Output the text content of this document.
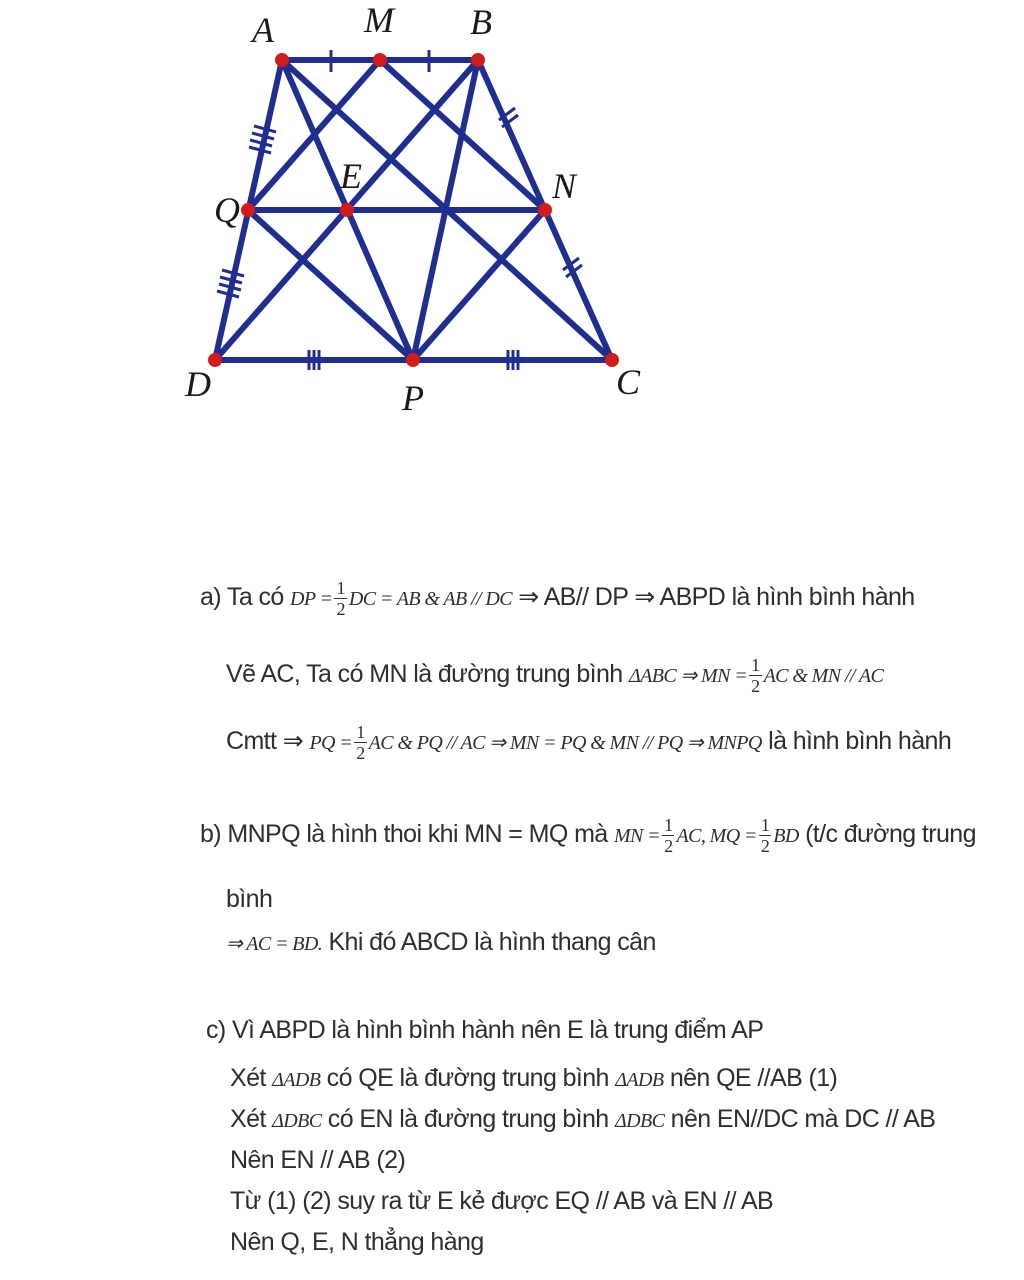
A	M B
Q
E	N
D	P	C
a) Ta có DP = $\frac{1}{2}$ DC = AB & AB // DC ⇒ AB// DP ⇒ ABPD là hình bình hành
Vẽ AC, Ta có MN là đường trung bình ΔABC ⇒ MN = $\frac{1}{2}$ AC & MN // AC
Cmtt ⇒ PQ = $\frac{1}{2}$ AC & PQ // AC ⇒ MN = PQ & MN // PQ ⇒ MNPQ là hình bình hành
b) MNPQ là hình thoi khi MN = MQ mà MN = $\frac{1}{2}$ AC, MQ = $\frac{1}{2}$ BD (t/c đường trung
bình
⇒ AC = BD. Khi đó ABCD là hình thang cân
c) Vì ABPD là hình bình hành nên E là trung điểm AP
Xét ΔADB có QE là đường trung bình ΔADB nên QE //AB (1)
Xét ΔDBC có EN là đường trung bình ΔDBC nên EN//DC mà DC // AB
Nên EN // AB (2)
Từ (1) (2) suy ra từ E kẻ được EQ // AB và EN // AB
Nên Q, E, N thẳng hàng
